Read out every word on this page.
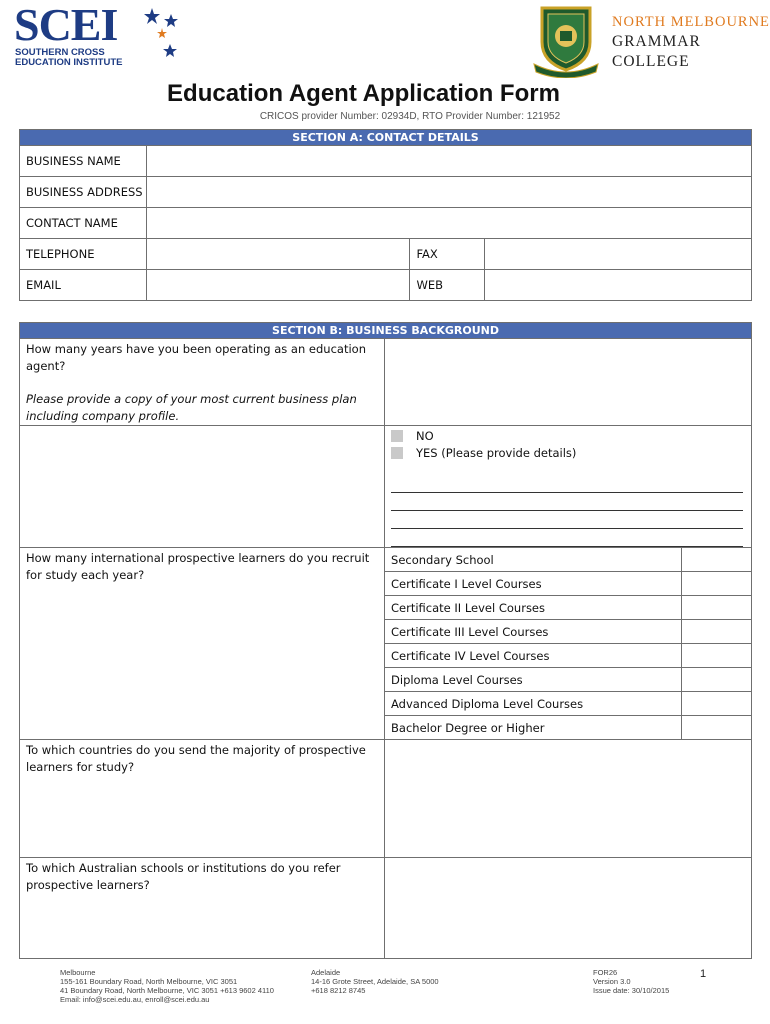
SCEI
SOUTHERN CROSS
EDUCATION INSTITUTE
NORTH MELBOURNE
GRAMMAR COLLEGE
Education Agent Application Form
CRICOS provider Number: 02934D, RTO Provider Number: 121952
SECTION A: CONTACT DETAILS			
BUSINESS NAME			
BUSINESS ADDRESS			
CONTACT NAME			
TELEPHONE		FAX	
EMAIL		WEB	
SECTION B: BUSINESS BACKGROUND		

How many years have you been operating as an education agent?
Please provide a copy of your most current business plan including company profile.		

	NO
YES (Please provide details)	

How many international prospective learners do you recruit for study each year?	Secondary School	
	Certificate I Level Courses	
	Certificate II Level Courses	
	Certificate III Level Courses	
	Certificate IV Level Courses	
	Diploma Level Courses	
	Advanced Diploma Level Courses	
	Bachelor Degree or Higher	
To which countries do you send the majority of prospective learners for study?		
To which Australian schools or institutions do you refer prospective learners?		
Melbourne
155-161 Boundary Road, North Melbourne, VIC 3051
41 Boundary Road, North Melbourne, VIC 3051 +613 9602 4110
Email: info@scei.edu.au, enroll@scei.edu.au
Adelaide
14-16 Grote Street, Adelaide, SA 5000
+618 8212 8745
FOR26
Version 3.0
Issue date: 30/10/2015
1
